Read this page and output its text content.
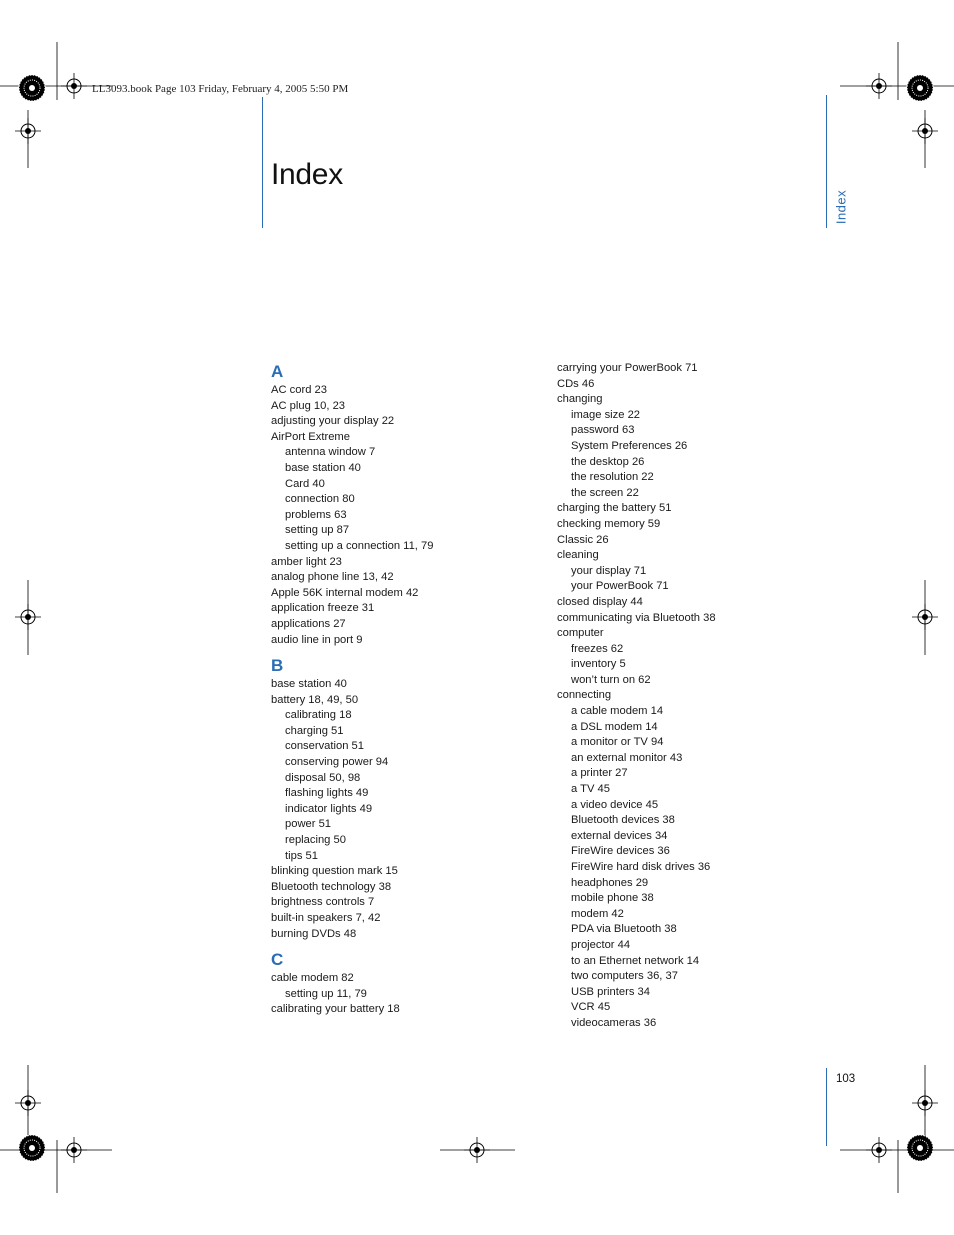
LL3093.book Page 103 Friday, February 4, 2005 5:50 PM
Index
Index
A
AC cord 23
AC plug 10, 23
adjusting your display 22
AirPort Extreme
antenna window 7
base station 40
Card 40
connection 80
problems 63
setting up 87
setting up a connection 11, 79
amber light 23
analog phone line 13, 42
Apple 56K internal modem 42
application freeze 31
applications 27
audio line in port 9
B
base station 40
battery 18, 49, 50
calibrating 18
charging 51
conservation 51
conserving power 94
disposal 50, 98
flashing lights 49
indicator lights 49
power 51
replacing 50
tips 51
blinking question mark 15
Bluetooth technology 38
brightness controls 7
built-in speakers 7, 42
burning DVDs 48
C
cable modem 82
setting up 11, 79
calibrating your battery 18
carrying your PowerBook 71
CDs 46
changing
image size 22
password 63
System Preferences 26
the desktop 26
the resolution 22
the screen 22
charging the battery 51
checking memory 59
Classic 26
cleaning
your display 71
your PowerBook 71
closed display 44
communicating via Bluetooth 38
computer
freezes 62
inventory 5
won’t turn on 62
connecting
a cable modem 14
a DSL modem 14
a monitor or TV 94
an external monitor 43
a printer 27
a TV 45
a video device 45
Bluetooth devices 38
external devices 34
FireWire devices 36
FireWire hard disk drives 36
headphones 29
mobile phone 38
modem 42
PDA via Bluetooth 38
projector 44
to an Ethernet network 14
two computers 36, 37
USB printers 34
VCR 45
videocameras 36
103
